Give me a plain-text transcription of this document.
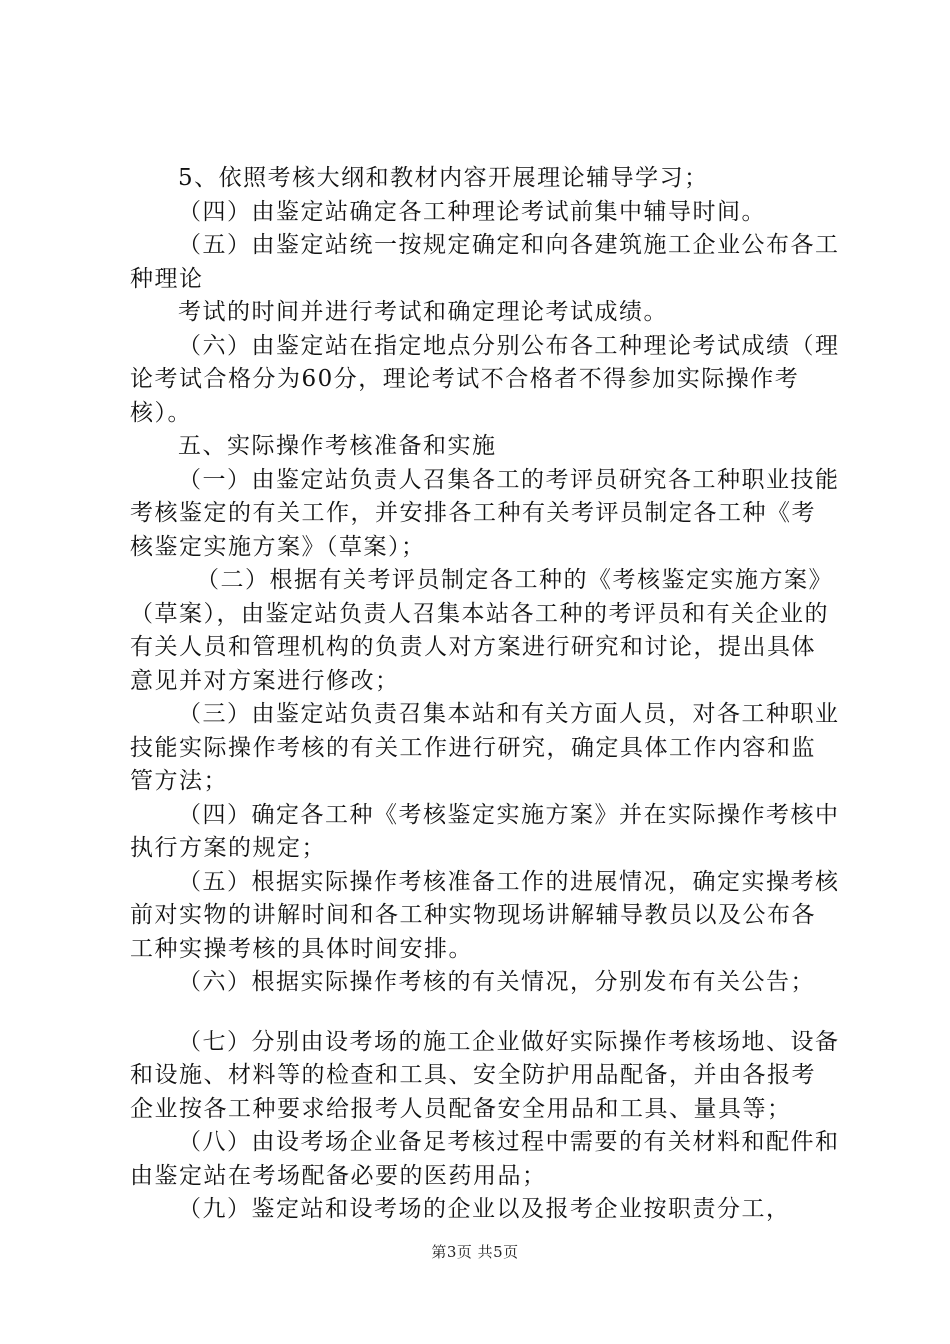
5、依照考核大纲和教材内容开展理论辅导学习；

（四）由鉴定站确定各工种理论考试前集中辅导时间。

（五）由鉴定站统一按规定确定和向各建筑施工企业公布各工种理论

考试的时间并进行考试和确定理论考试成绩。

（六）由鉴定站在指定地点分别公布各工种理论考试成绩（理论考试合格分为60分，理论考试不合格者不得参加实际操作考核）。

五、实际操作考核准备和实施

（一）由鉴定站负责人召集各工的考评员研究各工种职业技能考核鉴定的有关工作，并安排各工种有关考评员制定各工种《考核鉴定实施方案》（草案）；

（二）根据有关考评员制定各工种的《考核鉴定实施方案》（草案），由鉴定站负责人召集本站各工种的考评员和有关企业的有关人员和管理机构的负责人对方案进行研究和讨论，提出具体意见并对方案进行修改；

（三）由鉴定站负责召集本站和有关方面人员，对各工种职业技能实际操作考核的有关工作进行研究，确定具体工作内容和监管方法；

（四）确定各工种《考核鉴定实施方案》并在实际操作考核中执行方案的规定；

（五）根据实际操作考核准备工作的进展情况，确定实操考核前对实物的讲解时间和各工种实物现场讲解辅导教员以及公布各工种实操考核的具体时间安排。

（六）根据实际操作考核的有关情况，分别发布有关公告；

（七）分别由设考场的施工企业做好实际操作考核场地、设备和设施、材料等的检查和工具、安全防护用品配备，并由各报考企业按各工种要求给报考人员配备安全用品和工具、量具等；

（八）由设考场企业备足考核过程中需要的有关材料和配件和由鉴定站在考场配备必要的医药用品；

（九）鉴定站和设考场的企业以及报考企业按职责分工，

第3页 共5页
